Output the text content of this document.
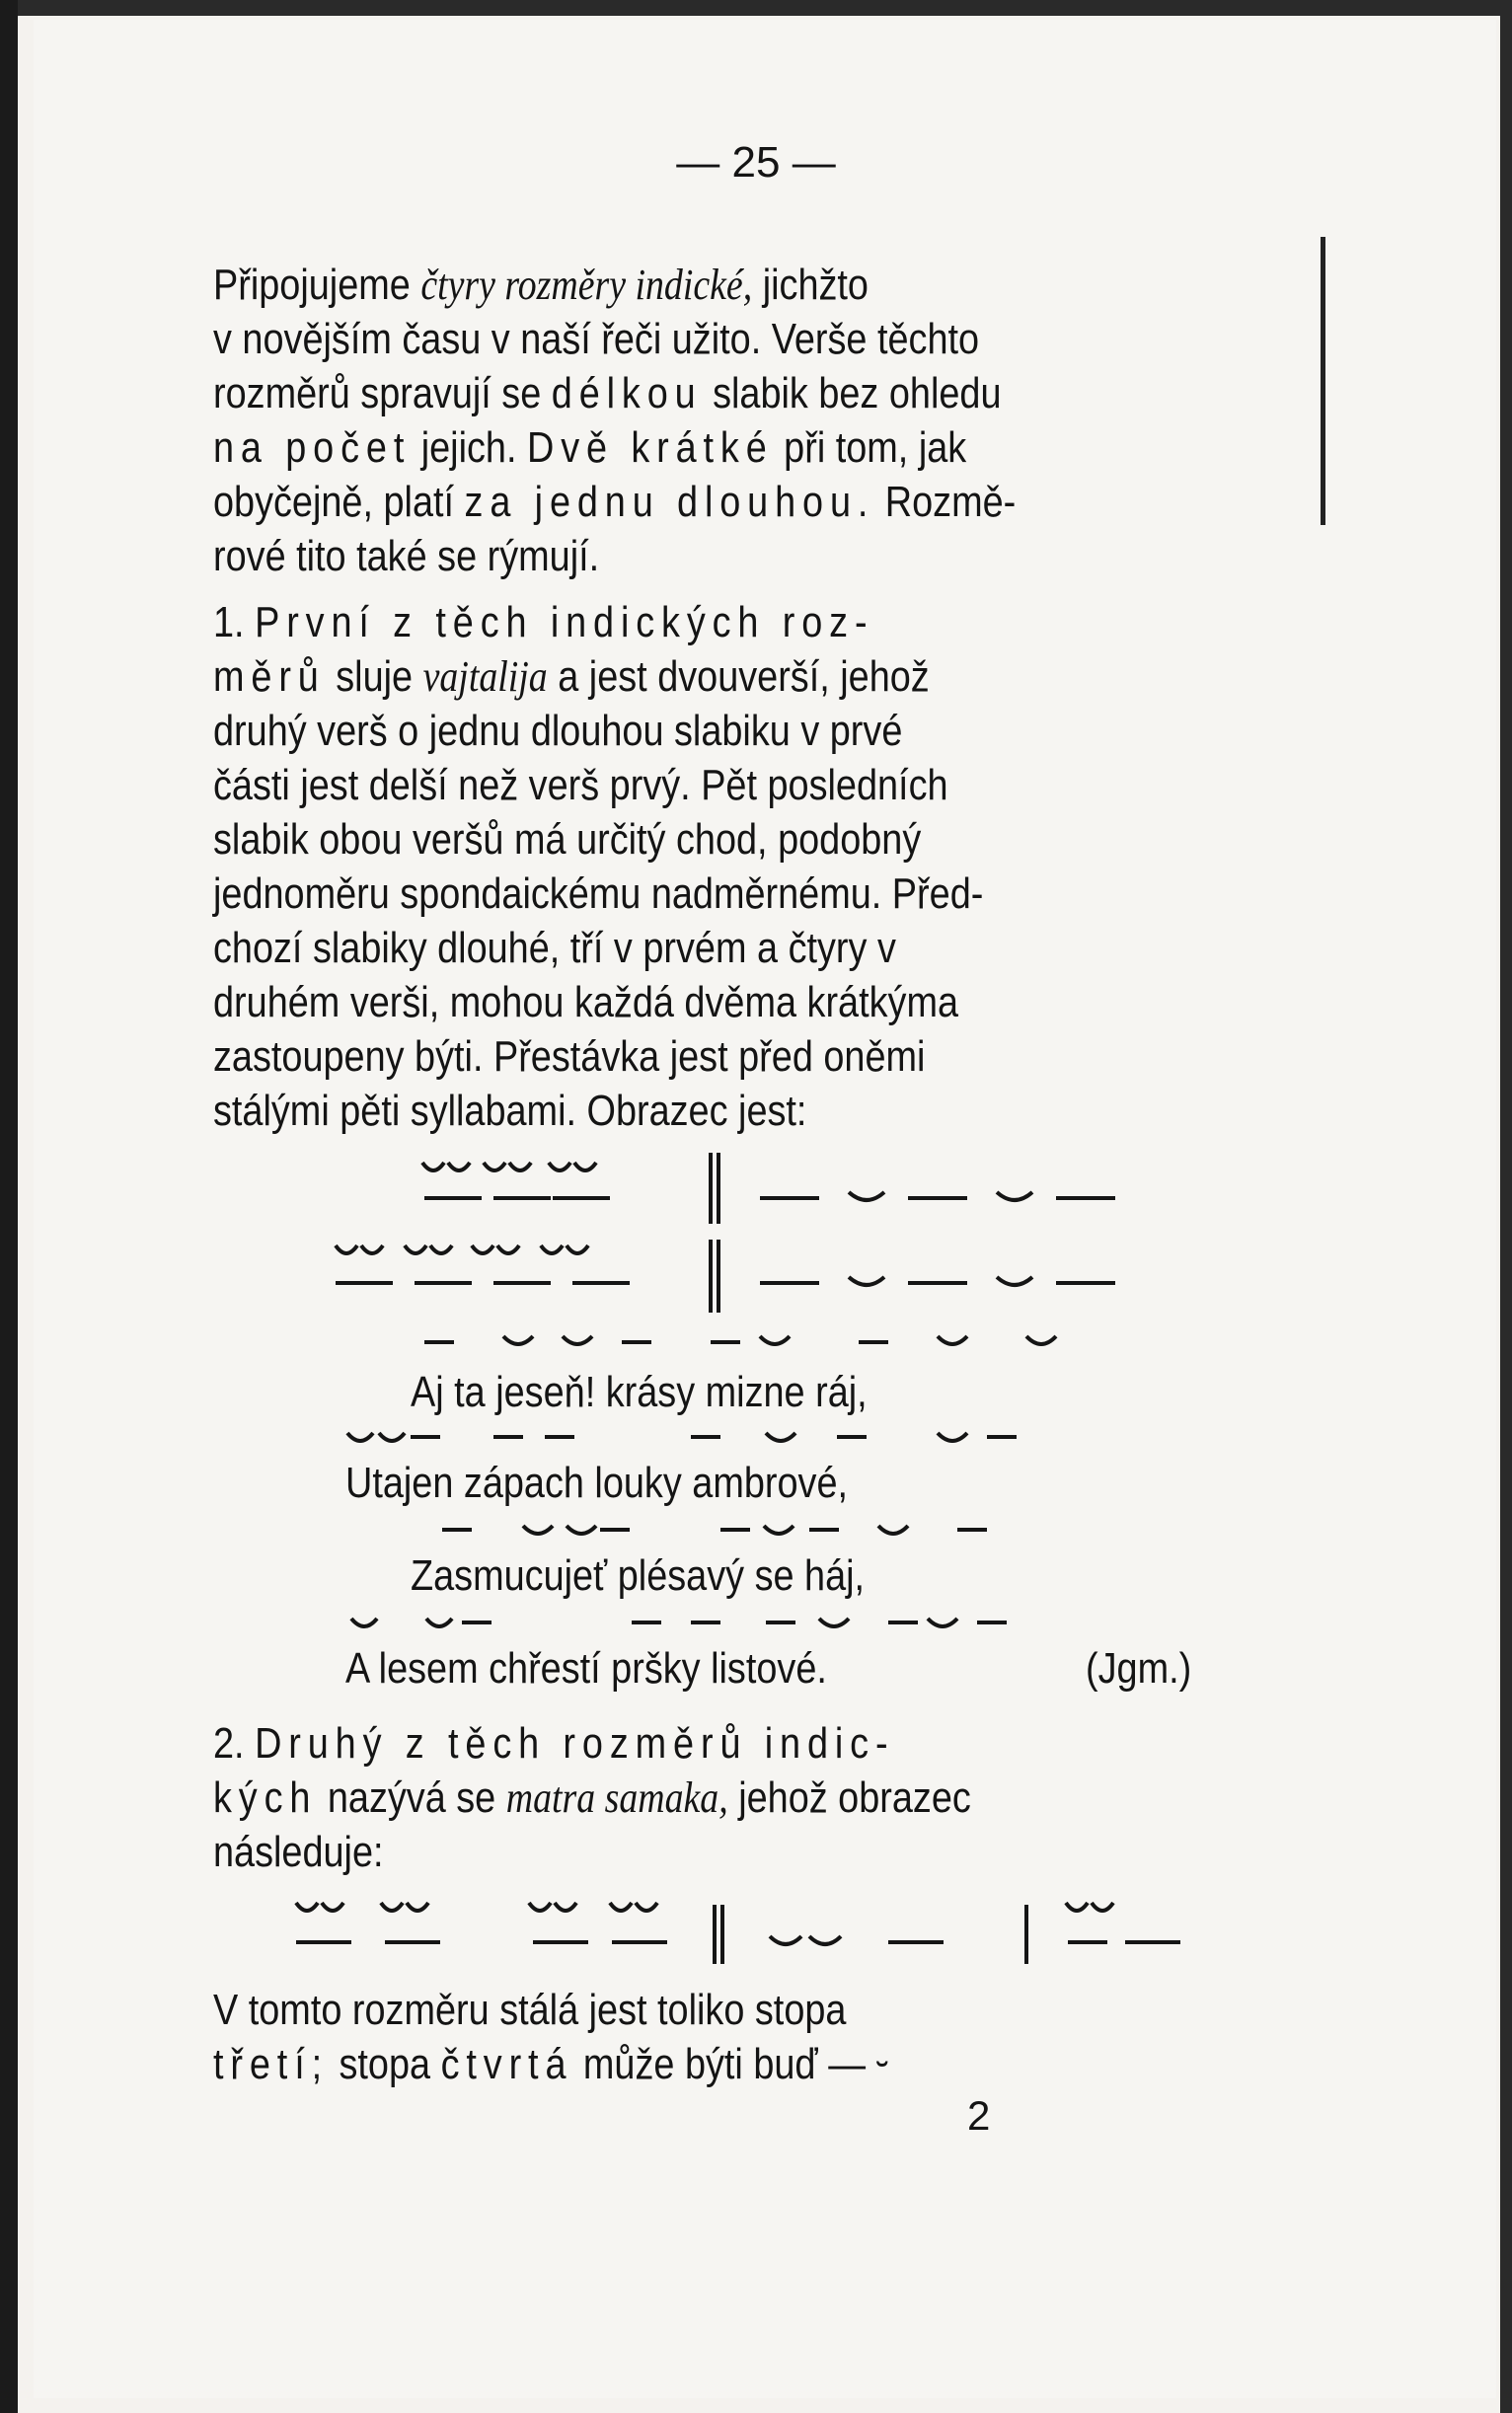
— 25 —
Připojujeme čtyry rozměry indické, jichžto
v novějším času v naší řeči užito. Verše těchto
rozměrů spravují se délkou slabik bez ohledu
na počet jejich. Dvě krátké při tom, jak
obyčejně, platí za jednu dlouhou. Rozmě-
rové tito také se rýmují.
1. První z těch indických roz-
měrů sluje vajtalija a jest dvouverší, jehož
druhý verš o jednu dlouhou slabiku v prvé
části jest delší než verš prvý. Pět posledních
slabik obou veršů má určitý chod, podobný
jednoměru spondaickému nadměrnému. Před-
chozí slabiky dlouhé, tří v prvém a čtyry v
druhém verši, mohou každá dvěma krátkýma
zastoupeny býti. Přestávka jest před oněmi
stálými pěti syllabami. Obrazec jest:
Aj ta jeseň! krásy mizne ráj,
Utajen zápach louky ambrové,
Zasmucujeť plésavý se háj,
A lesem chřestí pršky listové.	(Jgm.)
2. Druhý z těch rozměrů indic-
kých nazývá se matra samaka, jehož obrazec
následuje:
V tomto rozměru stálá jest toliko stopa
třetí; stopa čtvrtá může býti buď — ⏑
2
